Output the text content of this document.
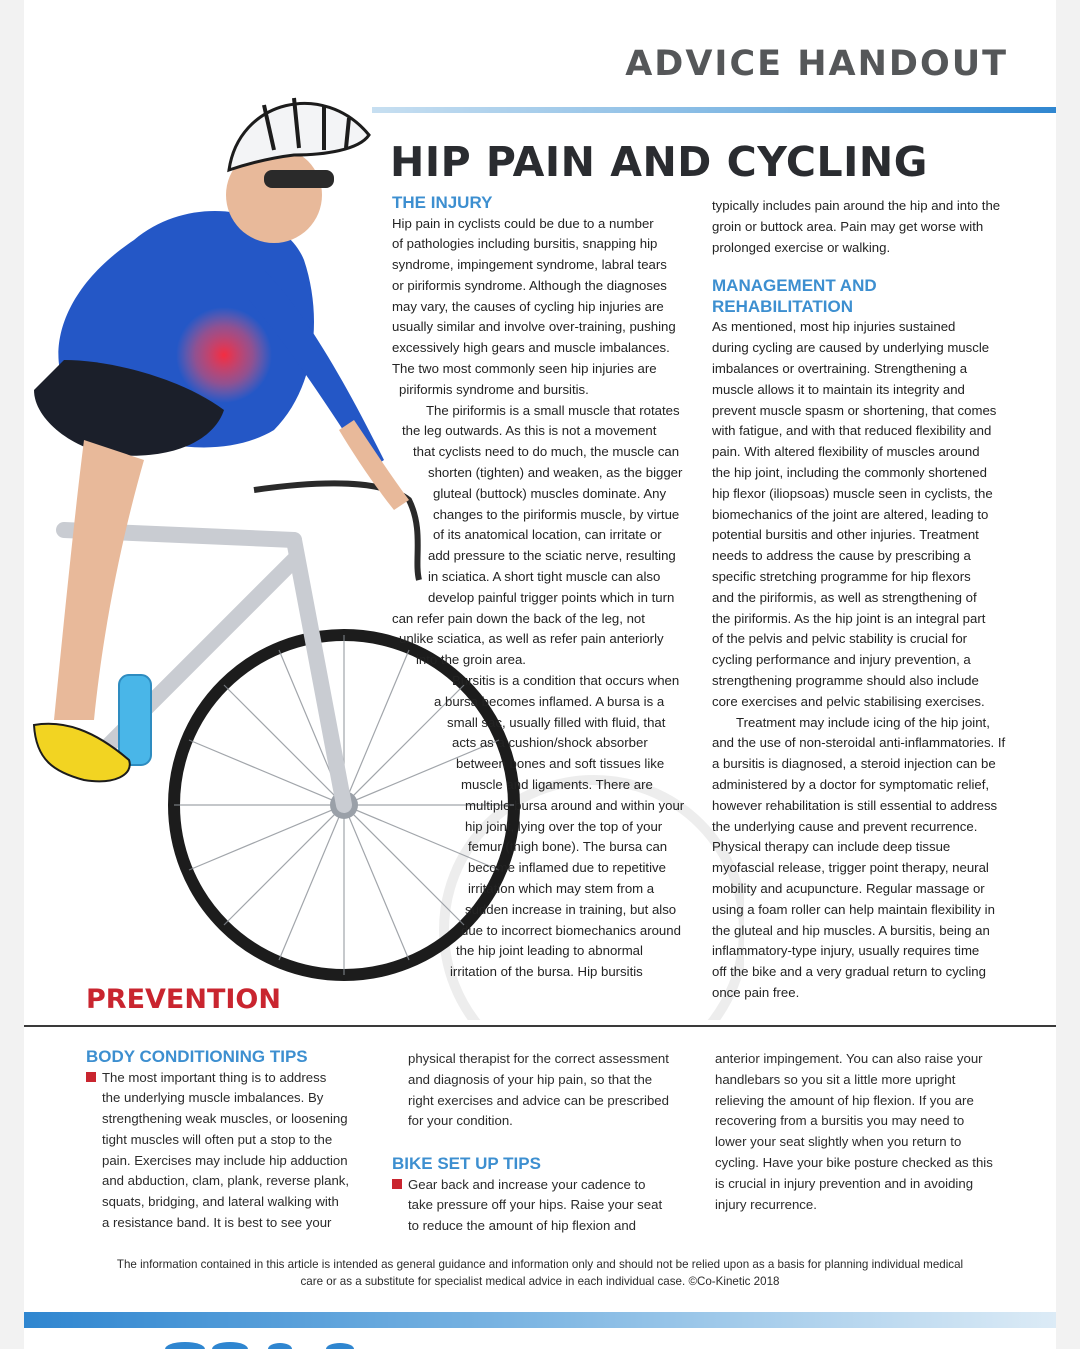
ADVICE HANDOUT
HIP PAIN AND CYCLING
THE INJURY
Hip pain in cyclists could be due to a number
of pathologies including bursitis, snapping hip
syndrome, impingement syndrome, labral tears
or piriformis syndrome. Although the diagnoses
may vary, the causes of cycling hip injuries are
usually similar and involve over-training, pushing
excessively high gears and muscle imbalances.
The two most commonly seen hip injuries are
piriformis syndrome and bursitis.
The piriformis is a small muscle that rotates
the leg outwards. As this is not a movement
that cyclists need to do much, the muscle can
shorten (tighten) and weaken, as the bigger
gluteal (buttock) muscles dominate. Any
changes to the piriformis muscle, by virtue
of its anatomical location, can irritate or
add pressure to the sciatic nerve, resulting
in sciatica. A short tight muscle can also
develop painful trigger points which in turn
can refer pain down the back of the leg, not
unlike sciatica, as well as refer pain anteriorly
into the groin area.
Bursitis is a condition that occurs when
a bursa becomes inflamed. A bursa is a
small sac, usually filled with fluid, that
acts as a cushion/shock absorber
between bones and soft tissues like
muscle and ligaments. There are
multiple bursa around and within your
hip joint, lying over the top of your
femur (thigh bone). The bursa can
become inflamed due to repetitive
irritation which may stem from a
sudden increase in training, but also
due to incorrect biomechanics around
the hip joint leading to abnormal
irritation of the bursa. Hip bursitis
typically includes pain around the hip and into the
groin or buttock area. Pain may get worse with
prolonged exercise or walking.
MANAGEMENT AND
REHABILITATION
As mentioned, most hip injuries sustained
during cycling are caused by underlying muscle
imbalances or overtraining. Strengthening a
muscle allows it to maintain its integrity and
prevent muscle spasm or shortening, that comes
with fatigue, and with that reduced flexibility and
pain. With altered flexibility of muscles around
the hip joint, including the commonly shortened
hip flexor (iliopsoas) muscle seen in cyclists, the
biomechanics of the joint are altered, leading to
potential bursitis and other injuries. Treatment
needs to address the cause by prescribing a
specific stretching programme for hip flexors
and the piriformis, as well as strengthening of
the piriformis. As the hip joint is an integral part
of the pelvis and pelvic stability is crucial for
cycling performance and injury prevention, a
strengthening programme should also include
core exercises and pelvic stabilising exercises.
Treatment may include icing of the hip joint,
and the use of non-steroidal anti-inflammatories. If
a bursitis is diagnosed, a steroid injection can be
administered by a doctor for symptomatic relief,
however rehabilitation is still essential to address
the underlying cause and prevent recurrence.
Physical therapy can include deep tissue
myofascial release, trigger point therapy, neural
mobility and acupuncture. Regular massage or
using a foam roller can help maintain flexibility in
the gluteal and hip muscles. A bursitis, being an
inflammatory-type injury, usually requires time
off the bike and a very gradual return to cycling
once pain free.
PREVENTION
BODY CONDITIONING TIPS
The most important thing is to address
the underlying muscle imbalances. By
strengthening weak muscles, or loosening
tight muscles will often put a stop to the
pain. Exercises may include hip adduction
and abduction, clam, plank, reverse plank,
squats, bridging, and lateral walking with
a resistance band. It is best to see your
physical therapist for the correct assessment
and diagnosis of your hip pain, so that the
right exercises and advice can be prescribed
for your condition.
BIKE SET UP TIPS
Gear back and increase your cadence to
take pressure off your hips. Raise your seat
to reduce the amount of hip flexion and
anterior impingement. You can also raise your
handlebars so you sit a little more upright
relieving the amount of hip flexion. If you are
recovering from a bursitis you may need to
lower your seat slightly when you return to
cycling. Have your bike posture checked as this
is crucial in injury prevention and in avoiding
injury recurrence.
The information contained in this article is intended as general guidance and information only and should not be relied upon as a basis for planning individual medical
care or as a substitute for specialist medical advice in each individual case. ©Co-Kinetic 2018
